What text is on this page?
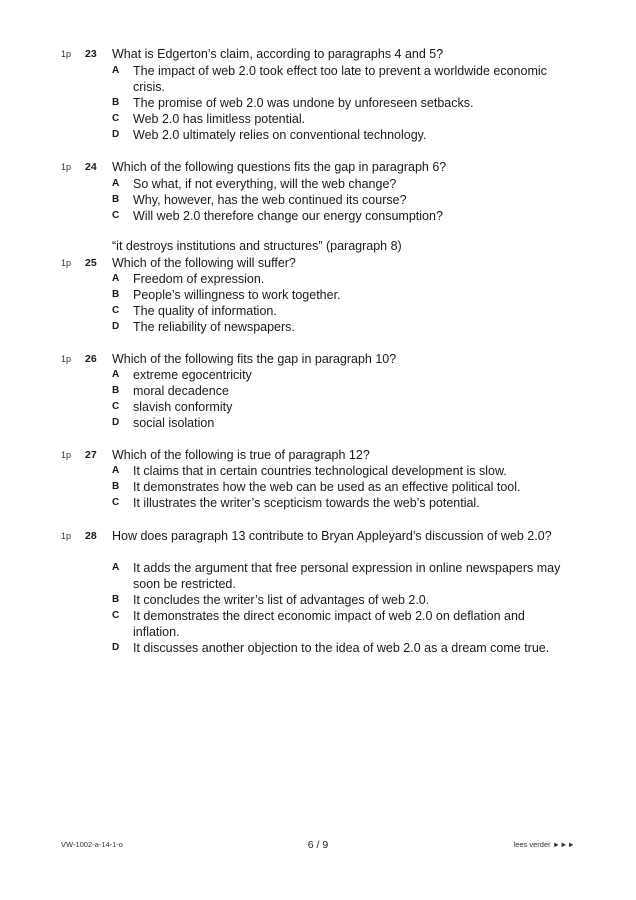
1p 23 What is Edgerton’s claim, according to paragraphs 4 and 5?
A The impact of web 2.0 took effect too late to prevent a worldwide economic crisis.
B The promise of web 2.0 was undone by unforeseen setbacks.
C Web 2.0 has limitless potential.
D Web 2.0 ultimately relies on conventional technology.
1p 24 Which of the following questions fits the gap in paragraph 6?
A So what, if not everything, will the web change?
B Why, however, has the web continued its course?
C Will web 2.0 therefore change our energy consumption?
“it destroys institutions and structures” (paragraph 8)
1p 25 Which of the following will suffer?
A Freedom of expression.
B People’s willingness to work together.
C The quality of information.
D The reliability of newspapers.
1p 26 Which of the following fits the gap in paragraph 10?
A extreme egocentricity
B moral decadence
C slavish conformity
D social isolation
1p 27 Which of the following is true of paragraph 12?
A It claims that in certain countries technological development is slow.
B It demonstrates how the web can be used as an effective political tool.
C It illustrates the writer’s scepticism towards the web’s potential.
1p 28 How does paragraph 13 contribute to Bryan Appleyard’s discussion of web 2.0?
A It adds the argument that free personal expression in online newspapers may soon be restricted.
B It concludes the writer’s list of advantages of web 2.0.
C It demonstrates the direct economic impact of web 2.0 on deflation and inflation.
D It discusses another objection to the idea of web 2.0 as a dream come true.
VW-1002-a-14-1-o	6 / 9	lees verder ►►►
